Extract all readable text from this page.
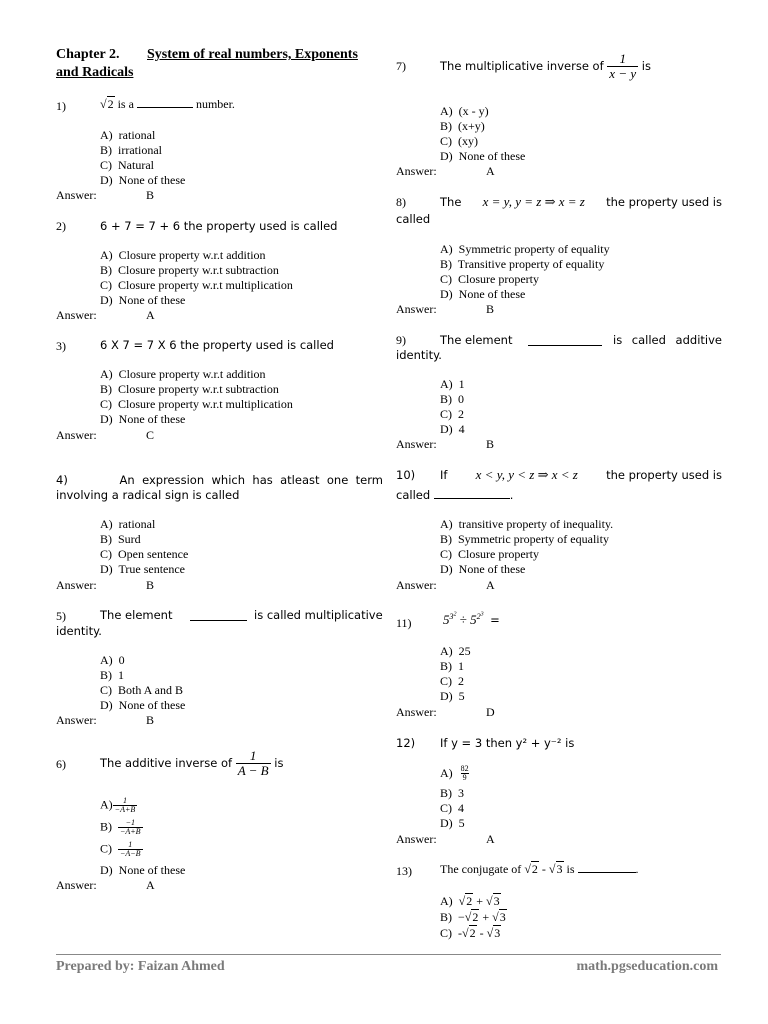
Chapter 2. System of real numbers, Exponents
and Radicals
1)	√2 is a	number.
A) rational
B) irrational
C) Natural
D) None of these
Answer:	B
2)	6 + 7 = 7 + 6 the property used is called
A) Closure property w.r.t addition
B) Closure property w.r.t subtraction
C) Closure property w.r.t multiplication
D) None of these
Answer:	A
3)	6 X 7 = 7 X 6 the property used is called
A) Closure property w.r.t addition
B) Closure property w.r.t subtraction
C) Closure property w.r.t multiplication
D) None of these
Answer:	C
4)	An expression which has atleast one term
involving a radical sign is called
A) rational
B) Surd
C) Open sentence
D) True sentence
Answer:	B
5)	The element	is called multiplicative
identity.
A) 0
B) 1
C) Both A and B
D) None of these
Answer:	B
6)	The additive inverse of
$\frac{1}{A - B}$
is
$A) \frac{1}{-A+B}$
$B) \frac{-1}{-A+B}$
$C) \frac{1}{-A-B}$
D) None of these
Answer:	A
7)	The multiplicative inverse of
$\frac{1}{x - y}$
is
A) (x - y)
B) (x+y)
C) (xy)
D) None of these
Answer:	A
8)	The x = y, y = z ⇒ x = z the property used is
called
A) Symmetric property of equality
B) Transitive property of equality
C) Closure property
D) None of these
Answer:	B
9)	The element	is called additive
identity.
A) 1
B) 0
C) 2
D) 4
Answer:	B
10) If x < y, y < z ⇒ x < z the property used is
called	.
A) transitive property of inequality.
B) Symmetric property of equality
C) Closure property
D) None of these
Answer:	A
11) $5^{3^2} \div 5^{2^3}$ =
A) 25
B) 1
C) 2
D) 5
Answer:	D
12) If y = 3 then y² + y⁻² is
A)
$\frac{82}{9}$
B) 3
C) 4
D) 5
Answer:	A
13) The conjugate of √2 - √3 is	.
A) √2 + √3
B) −√2 + √3
C) -√2 - √3
Prepared by: Faizan Ahmed	math.pgseducation.com
